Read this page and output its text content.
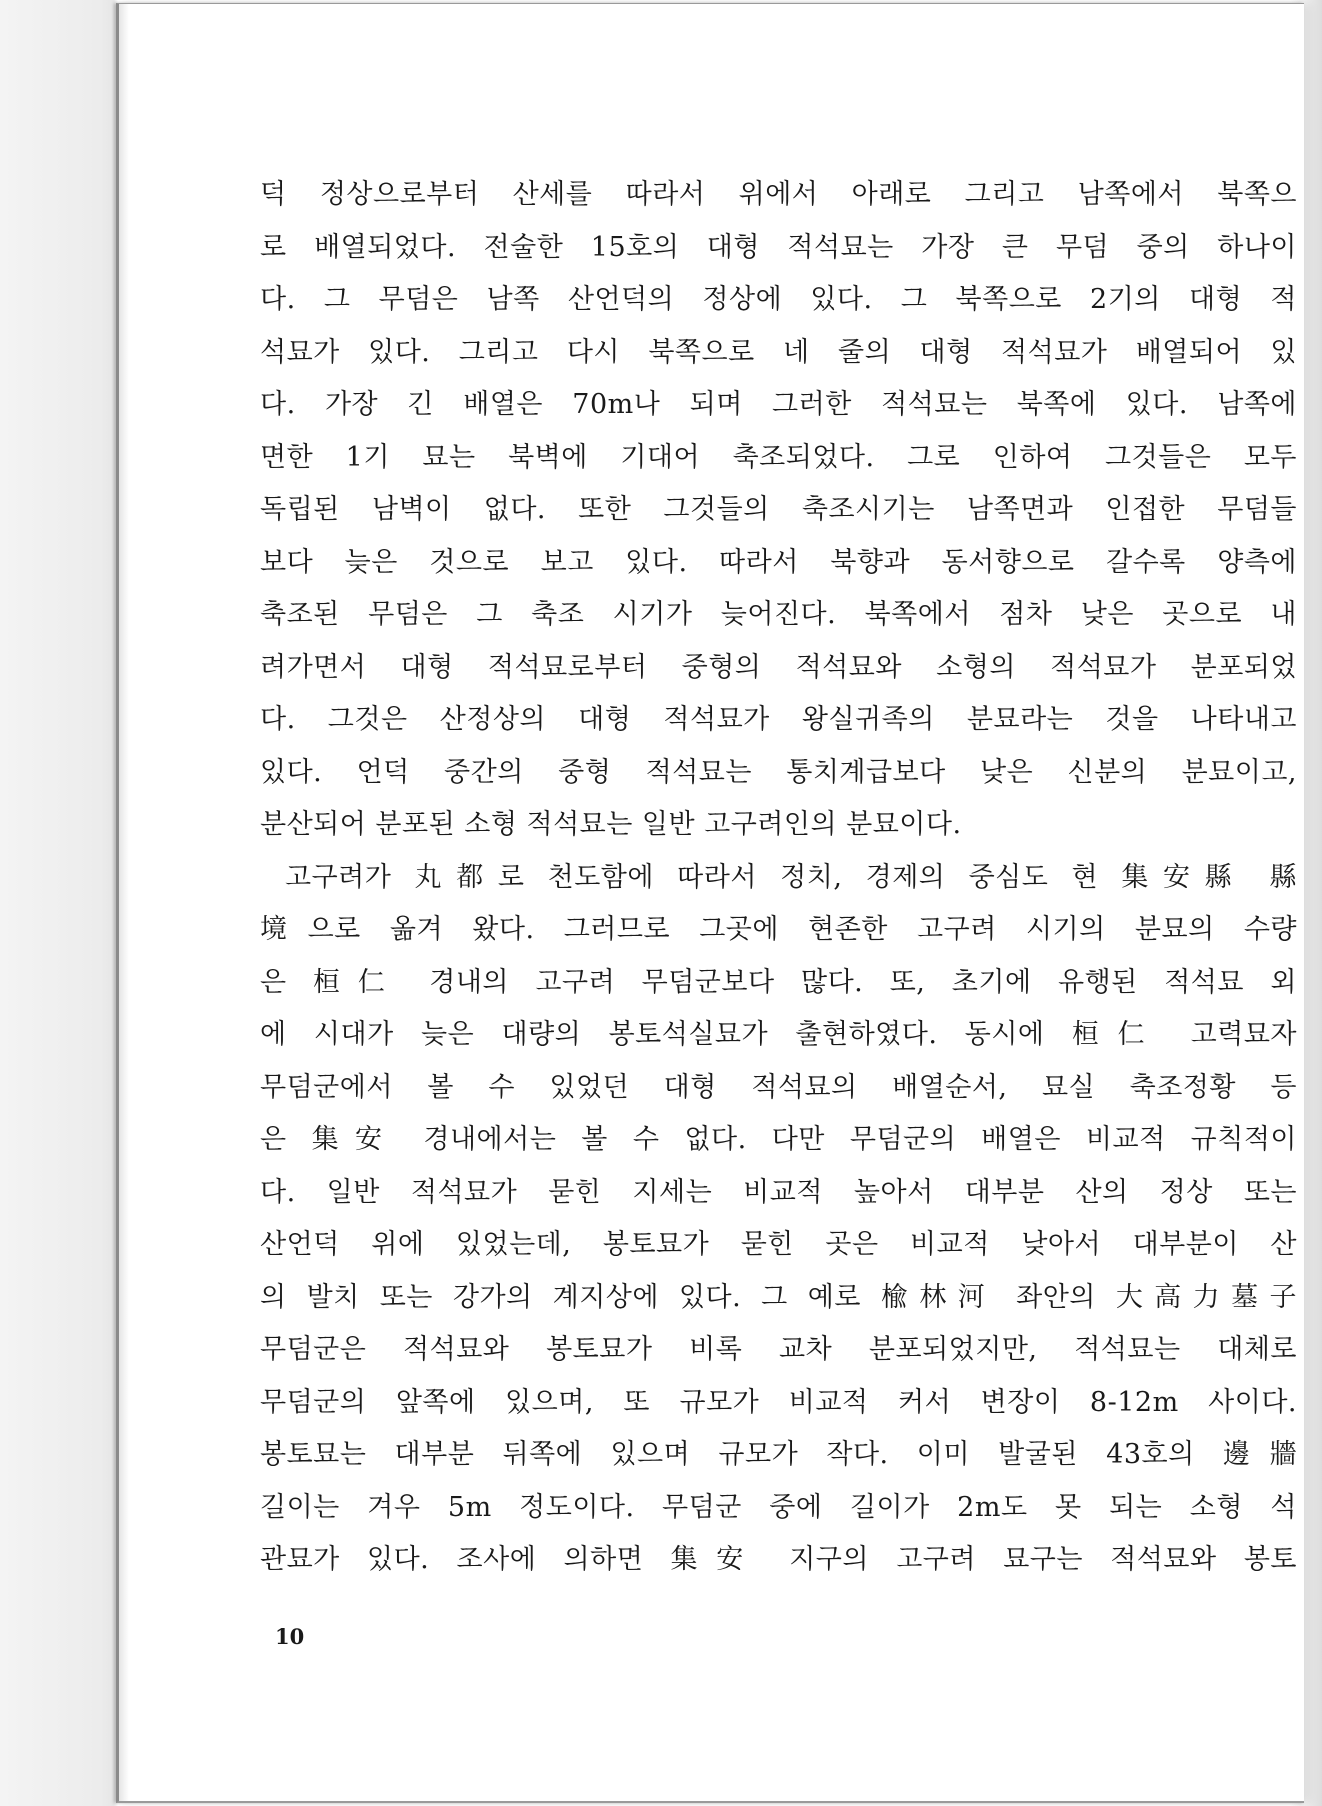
덕 정상으로부터 산세를 따라서 위에서 아래로 그리고 남쪽에서 북쪽으
로 배열되었다. 전술한 15호의 대형 적석묘는 가장 큰 무덤 중의 하나이
다. 그 무덤은 남쪽 산언덕의 정상에 있다. 그 북쪽으로 2기의 대형 적
석묘가 있다. 그리고 다시 북쪽으로 네 줄의 대형 적석묘가 배열되어 있
다. 가장 긴 배열은 70m나 되며 그러한 적석묘는 북쪽에 있다. 남쪽에
면한 1기 묘는 북벽에 기대어 축조되었다. 그로 인하여 그것들은 모두
독립된 남벽이 없다. 또한 그것들의 축조시기는 남쪽면과 인접한 무덤들
보다 늦은 것으로 보고 있다. 따라서 북향과 동서향으로 갈수록 양측에
축조된 무덤은 그 축조 시기가 늦어진다. 북쪽에서 점차 낮은 곳으로 내
려가면서 대형 적석묘로부터 중형의 적석묘와 소형의 적석묘가 분포되었
다. 그것은 산정상의 대형 적석묘가 왕실귀족의 분묘라는 것을 나타내고
있다. 언덕 중간의 중형 적석묘는 통치계급보다 낮은 신분의 분묘이고,
분산되어 분포된 소형 적석묘는 일반 고구려인의 분묘이다.
고구려가 丸都로 천도함에 따라서 정치, 경제의 중심도 현 集安縣 縣
境으로 옮겨 왔다. 그러므로 그곳에 현존한 고구려 시기의 분묘의 수량
은 桓仁 경내의 고구려 무덤군보다 많다. 또, 초기에 유행된 적석묘 외
에 시대가 늦은 대량의 봉토석실묘가 출현하였다. 동시에 桓仁 고력묘자
무덤군에서 볼 수 있었던 대형 적석묘의 배열순서, 묘실 축조정황 등
은 集安 경내에서는 볼 수 없다. 다만 무덤군의 배열은 비교적 규칙적이
다. 일반 적석묘가 묻힌 지세는 비교적 높아서 대부분 산의 정상 또는
산언덕 위에 있었는데, 봉토묘가 묻힌 곳은 비교적 낮아서 대부분이 산
의 발치 또는 강가의 계지상에 있다. 그 예로 楡林河 좌안의 大高力墓子
무덤군은 적석묘와 봉토묘가 비록 교차 분포되었지만, 적석묘는 대체로
무덤군의 앞쪽에 있으며, 또 규모가 비교적 커서 변장이 8-12m 사이다.
봉토묘는 대부분 뒤쪽에 있으며 규모가 작다. 이미 발굴된 43호의 邊牆
길이는 겨우 5m 정도이다. 무덤군 중에 길이가 2m도 못 되는 소형 석
관묘가 있다. 조사에 의하면 集安 지구의 고구려 묘구는 적석묘와 봉토
10
